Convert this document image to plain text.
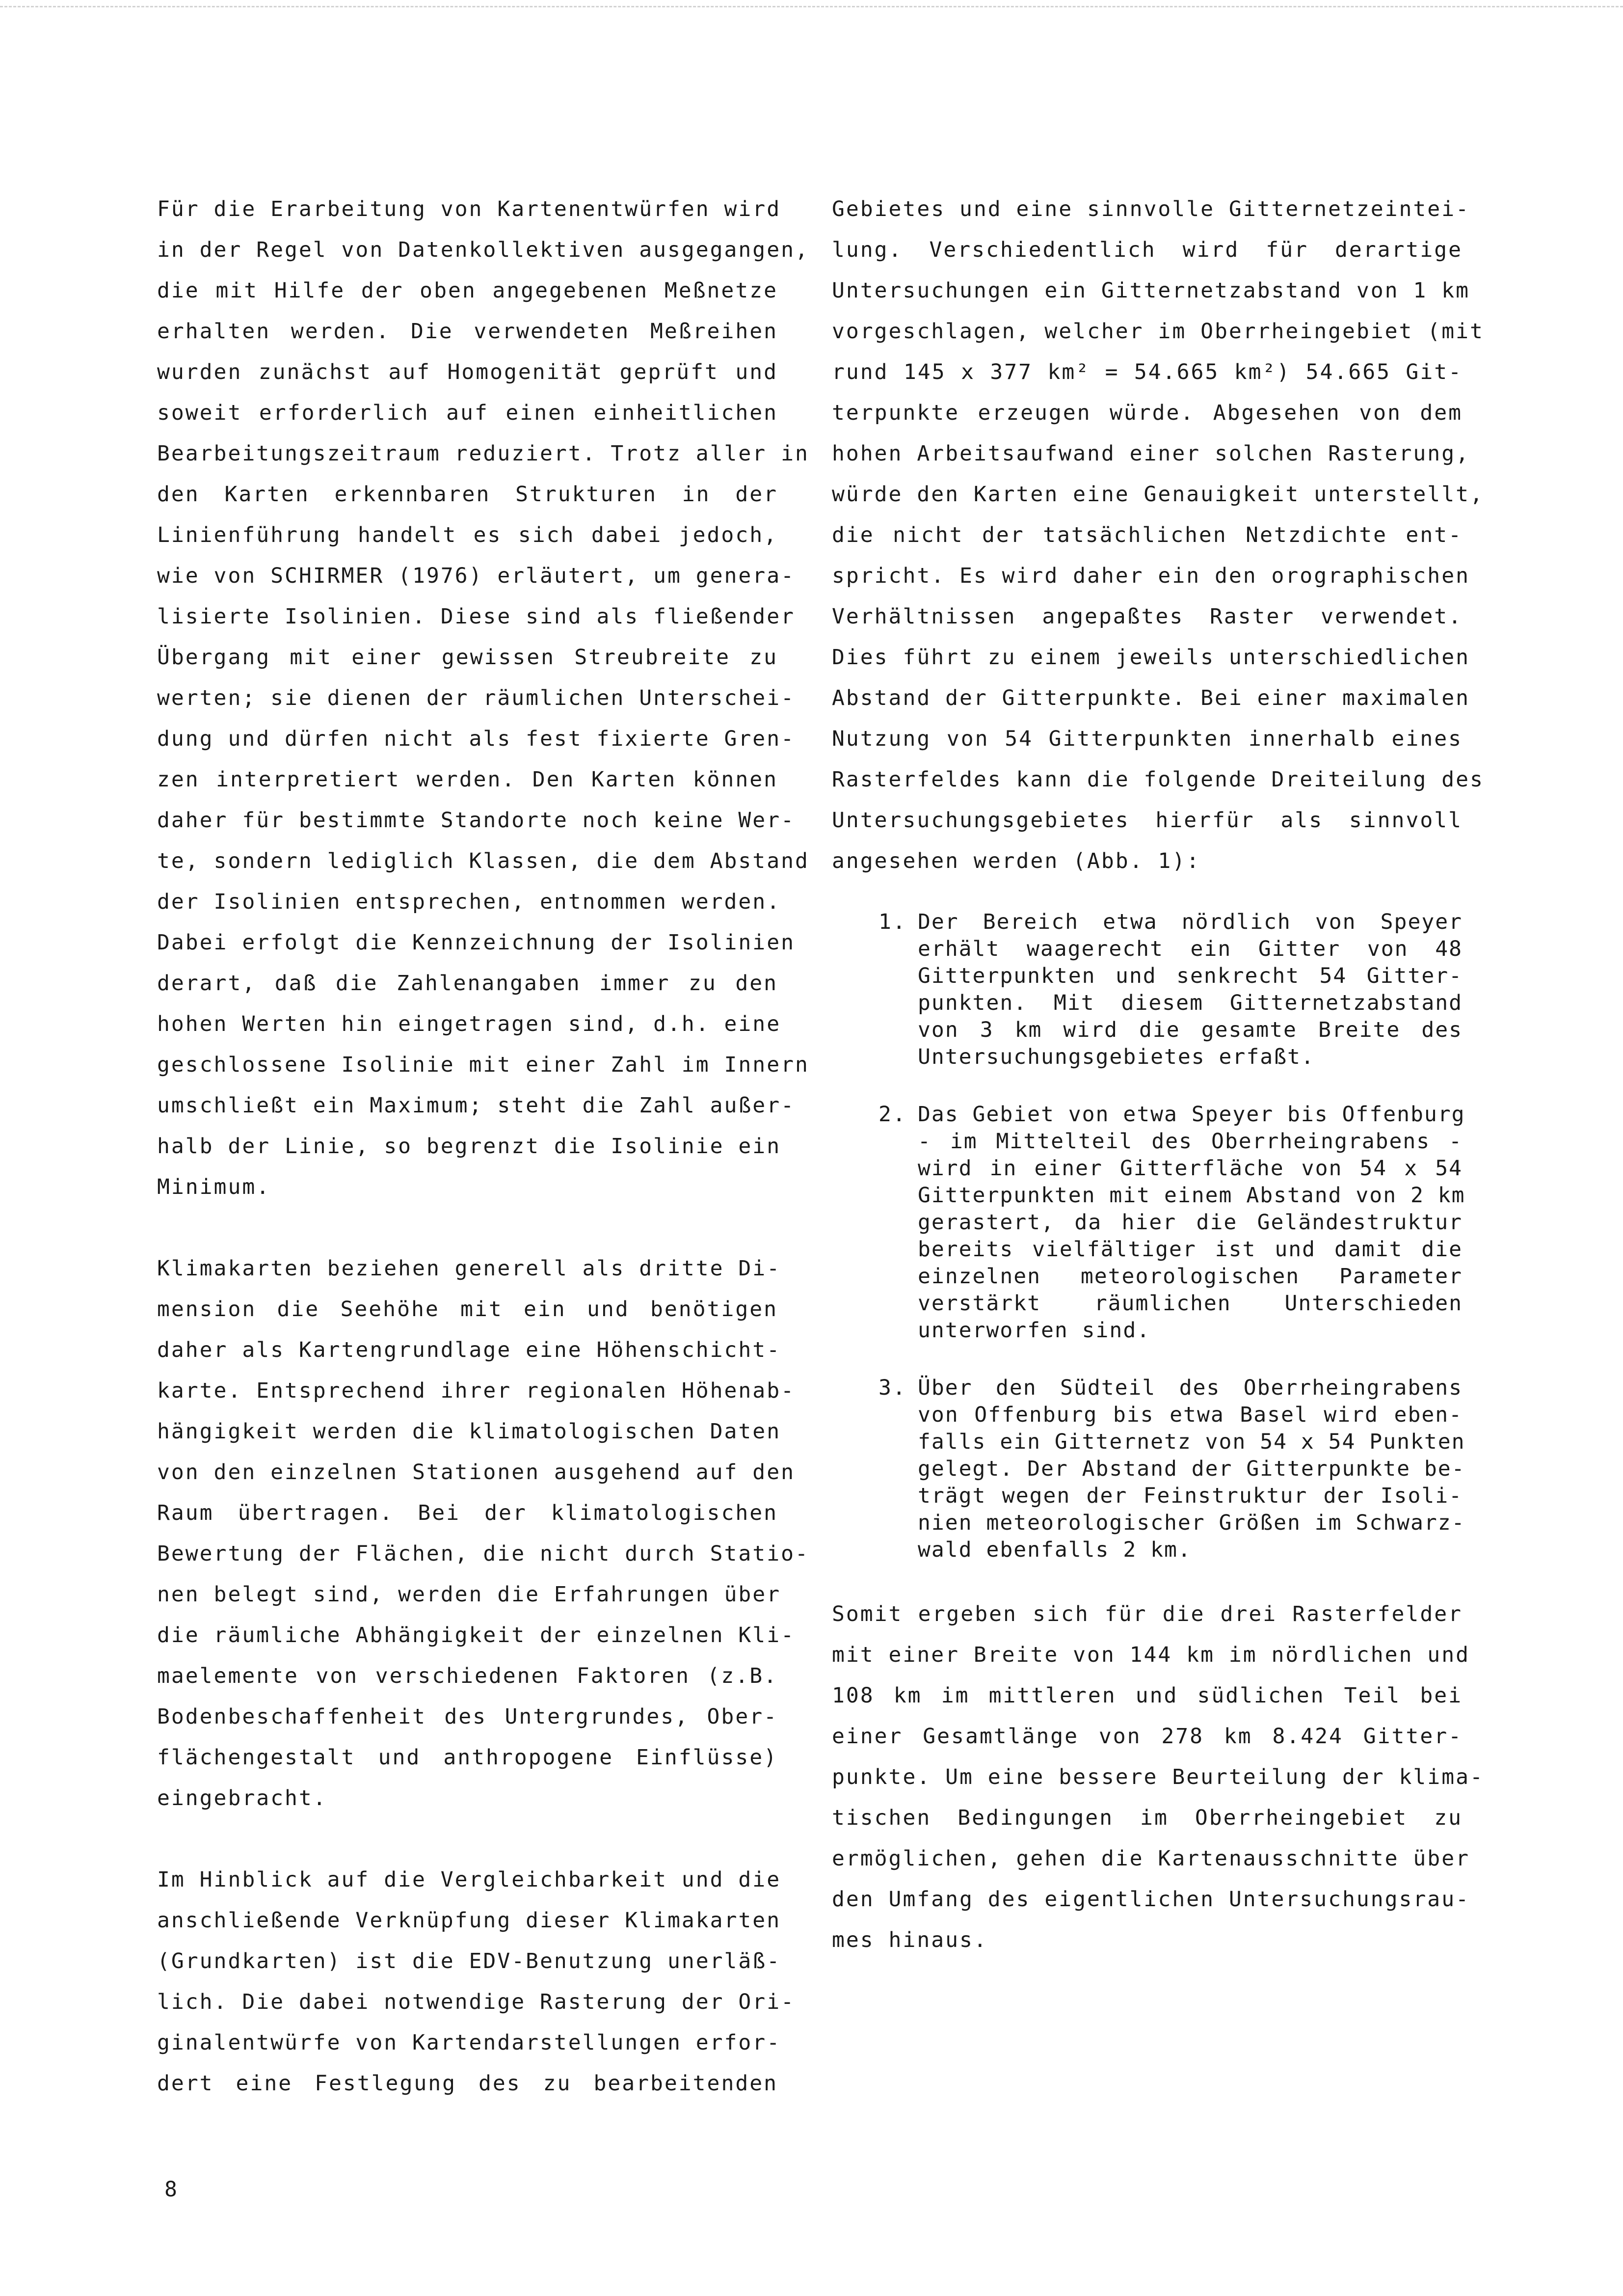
Für die Erarbeitung von Kartenentwürfen wird
in der Regel von Datenkollektiven ausgegangen,
die mit Hilfe der oben angegebenen Meßnetze
erhalten werden. Die verwendeten Meßreihen
wurden zunächst auf Homogenität geprüft und
soweit erforderlich auf einen einheitlichen
Bearbeitungszeitraum reduziert. Trotz aller in
den Karten erkennbaren Strukturen in der
Linienführung handelt es sich dabei jedoch,
wie von SCHIRMER (1976) erläutert, um genera-
lisierte Isolinien. Diese sind als fließender
Übergang mit einer gewissen Streubreite zu
werten; sie dienen der räumlichen Unterschei-
dung und dürfen nicht als fest fixierte Gren-
zen interpretiert werden. Den Karten können
daher für bestimmte Standorte noch keine Wer-
te, sondern lediglich Klassen, die dem Abstand
der Isolinien entsprechen, entnommen werden.
Dabei erfolgt die Kennzeichnung der Isolinien
derart, daß die Zahlenangaben immer zu den
hohen Werten hin eingetragen sind, d.h. eine
geschlossene Isolinie mit einer Zahl im Innern
umschließt ein Maximum; steht die Zahl außer-
halb der Linie, so begrenzt die Isolinie ein
Minimum.

Klimakarten beziehen generell als dritte Di-
mension die Seehöhe mit ein und benötigen
daher als Kartengrundlage eine Höhenschicht-
karte. Entsprechend ihrer regionalen Höhenab-
hängigkeit werden die klimatologischen Daten
von den einzelnen Stationen ausgehend auf den
Raum übertragen. Bei der klimatologischen
Bewertung der Flächen, die nicht durch Statio-
nen belegt sind, werden die Erfahrungen über
die räumliche Abhängigkeit der einzelnen Kli-
maelemente von verschiedenen Faktoren (z.B.
Bodenbeschaffenheit des Untergrundes, Ober-
flächengestalt und anthropogene Einflüsse)
eingebracht.

Im Hinblick auf die Vergleichbarkeit und die
anschließende Verknüpfung dieser Klimakarten
(Grundkarten) ist die EDV-Benutzung unerläß-
lich. Die dabei notwendige Rasterung der Ori-
ginalentwürfe von Kartendarstellungen erfor-
dert eine Festlegung des zu bearbeitenden

Gebietes und eine sinnvolle Gitternetzeintei-
lung. Verschiedentlich wird für derartige
Untersuchungen ein Gitternetzabstand von 1 km
vorgeschlagen, welcher im Oberrheingebiet (mit
rund 145 x 377 km² = 54.665 km²) 54.665 Git-
terpunkte erzeugen würde. Abgesehen von dem
hohen Arbeitsaufwand einer solchen Rasterung,
würde den Karten eine Genauigkeit unterstellt,
die nicht der tatsächlichen Netzdichte ent-
spricht. Es wird daher ein den orographischen
Verhältnissen angepaßtes Raster verwendet.
Dies führt zu einem jeweils unterschiedlichen
Abstand der Gitterpunkte. Bei einer maximalen
Nutzung von 54 Gitterpunkten innerhalb eines
Rasterfeldes kann die folgende Dreiteilung des
Untersuchungsgebietes hierfür als sinnvoll
angesehen werden (Abb. 1):

1. Der Bereich etwa nördlich von Speyer
erhält waagerecht ein Gitter von 48
Gitterpunkten und senkrecht 54 Gitter-
punkten. Mit diesem Gitternetzabstand
von 3 km wird die gesamte Breite des
Untersuchungsgebietes erfaßt.
2. Das Gebiet von etwa Speyer bis Offenburg
- im Mittelteil des Oberrheingrabens -
wird in einer Gitterfläche von 54 x 54
Gitterpunkten mit einem Abstand von 2 km
gerastert, da hier die Geländestruktur
bereits vielfältiger ist und damit die
einzelnen meteorologischen Parameter
verstärkt räumlichen Unterschieden
unterworfen sind.
3. Über den Südteil des Oberrheingrabens
von Offenburg bis etwa Basel wird eben-
falls ein Gitternetz von 54 x 54 Punkten
gelegt. Der Abstand der Gitterpunkte be-
trägt wegen der Feinstruktur der Isoli-
nien meteorologischer Größen im Schwarz-
wald ebenfalls 2 km.

Somit ergeben sich für die drei Rasterfelder
mit einer Breite von 144 km im nördlichen und
108 km im mittleren und südlichen Teil bei
einer Gesamtlänge von 278 km 8.424 Gitter-
punkte. Um eine bessere Beurteilung der klima-
tischen Bedingungen im Oberrheingebiet zu
ermöglichen, gehen die Kartenausschnitte über
den Umfang des eigentlichen Untersuchungsrau-
mes hinaus.

8
